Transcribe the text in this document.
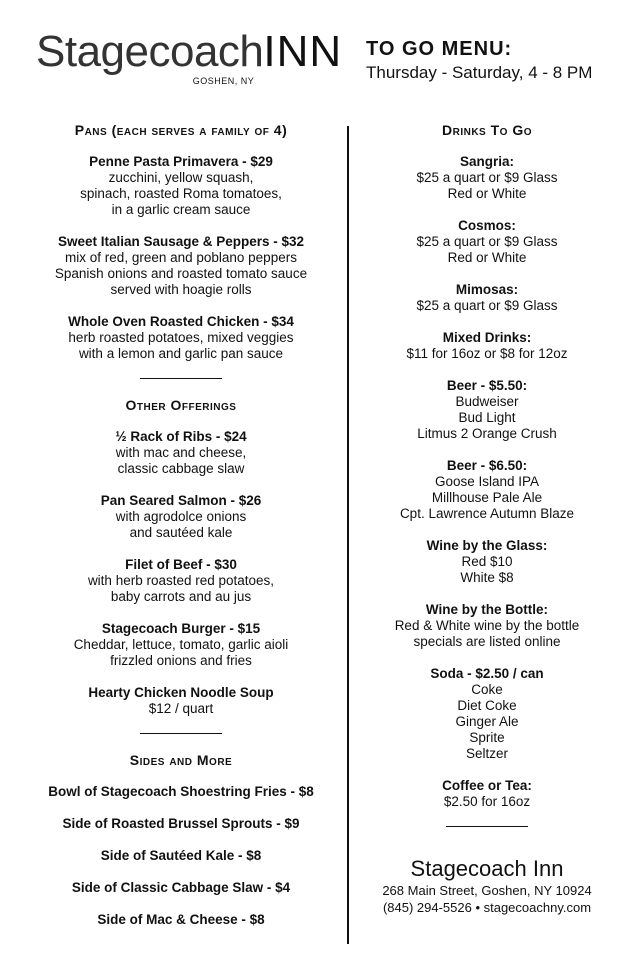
StagecoachINN
GOSHEN, NY
TO GO MENU:
Thursday - Saturday, 4 - 8 PM
Pans (each serves a family of 4)
Penne Pasta Primavera - $29
zucchini, yellow squash,
spinach, roasted Roma tomatoes,
in a garlic cream sauce
Sweet Italian Sausage & Peppers - $32
mix of red, green and poblano peppers
Spanish onions and roasted tomato sauce
served with hoagie rolls
Whole Oven Roasted Chicken - $34
herb roasted potatoes, mixed veggies
with a lemon and garlic pan sauce
Other Offerings
½ Rack of Ribs - $24
with mac and cheese,
classic cabbage slaw
Pan Seared Salmon - $26
with agrodolce onions
and sautéed kale
Filet of Beef - $30
with herb roasted red potatoes,
baby carrots and au jus
Stagecoach Burger - $15
Cheddar, lettuce, tomato, garlic aioli
frizzled onions and fries
Hearty Chicken Noodle Soup
$12 / quart
Sides and More
Bowl of Stagecoach Shoestring Fries - $8
Side of Roasted Brussel Sprouts - $9
Side of Sautéed Kale - $8
Side of Classic Cabbage Slaw - $4
Side of Mac & Cheese - $8
Drinks To Go
Sangria:
$25 a quart or $9 Glass
Red or White
Cosmos:
$25 a quart or $9 Glass
Red or White
Mimosas:
$25 a quart or $9 Glass
Mixed Drinks:
$11 for 16oz or $8 for 12oz
Beer - $5.50:
Budweiser
Bud Light
Litmus 2 Orange Crush
Beer - $6.50:
Goose Island IPA
Millhouse Pale Ale
Cpt. Lawrence Autumn Blaze
Wine by the Glass:
Red $10
White $8
Wine by the Bottle:
Red & White wine by the bottle
specials are listed online
Soda - $2.50 / can
Coke
Diet Coke
Ginger Ale
Sprite
Seltzer
Coffee or Tea:
$2.50 for 16oz
Stagecoach Inn
268 Main Street, Goshen, NY 10924
(845) 294-5526 • stagecoachny.com
